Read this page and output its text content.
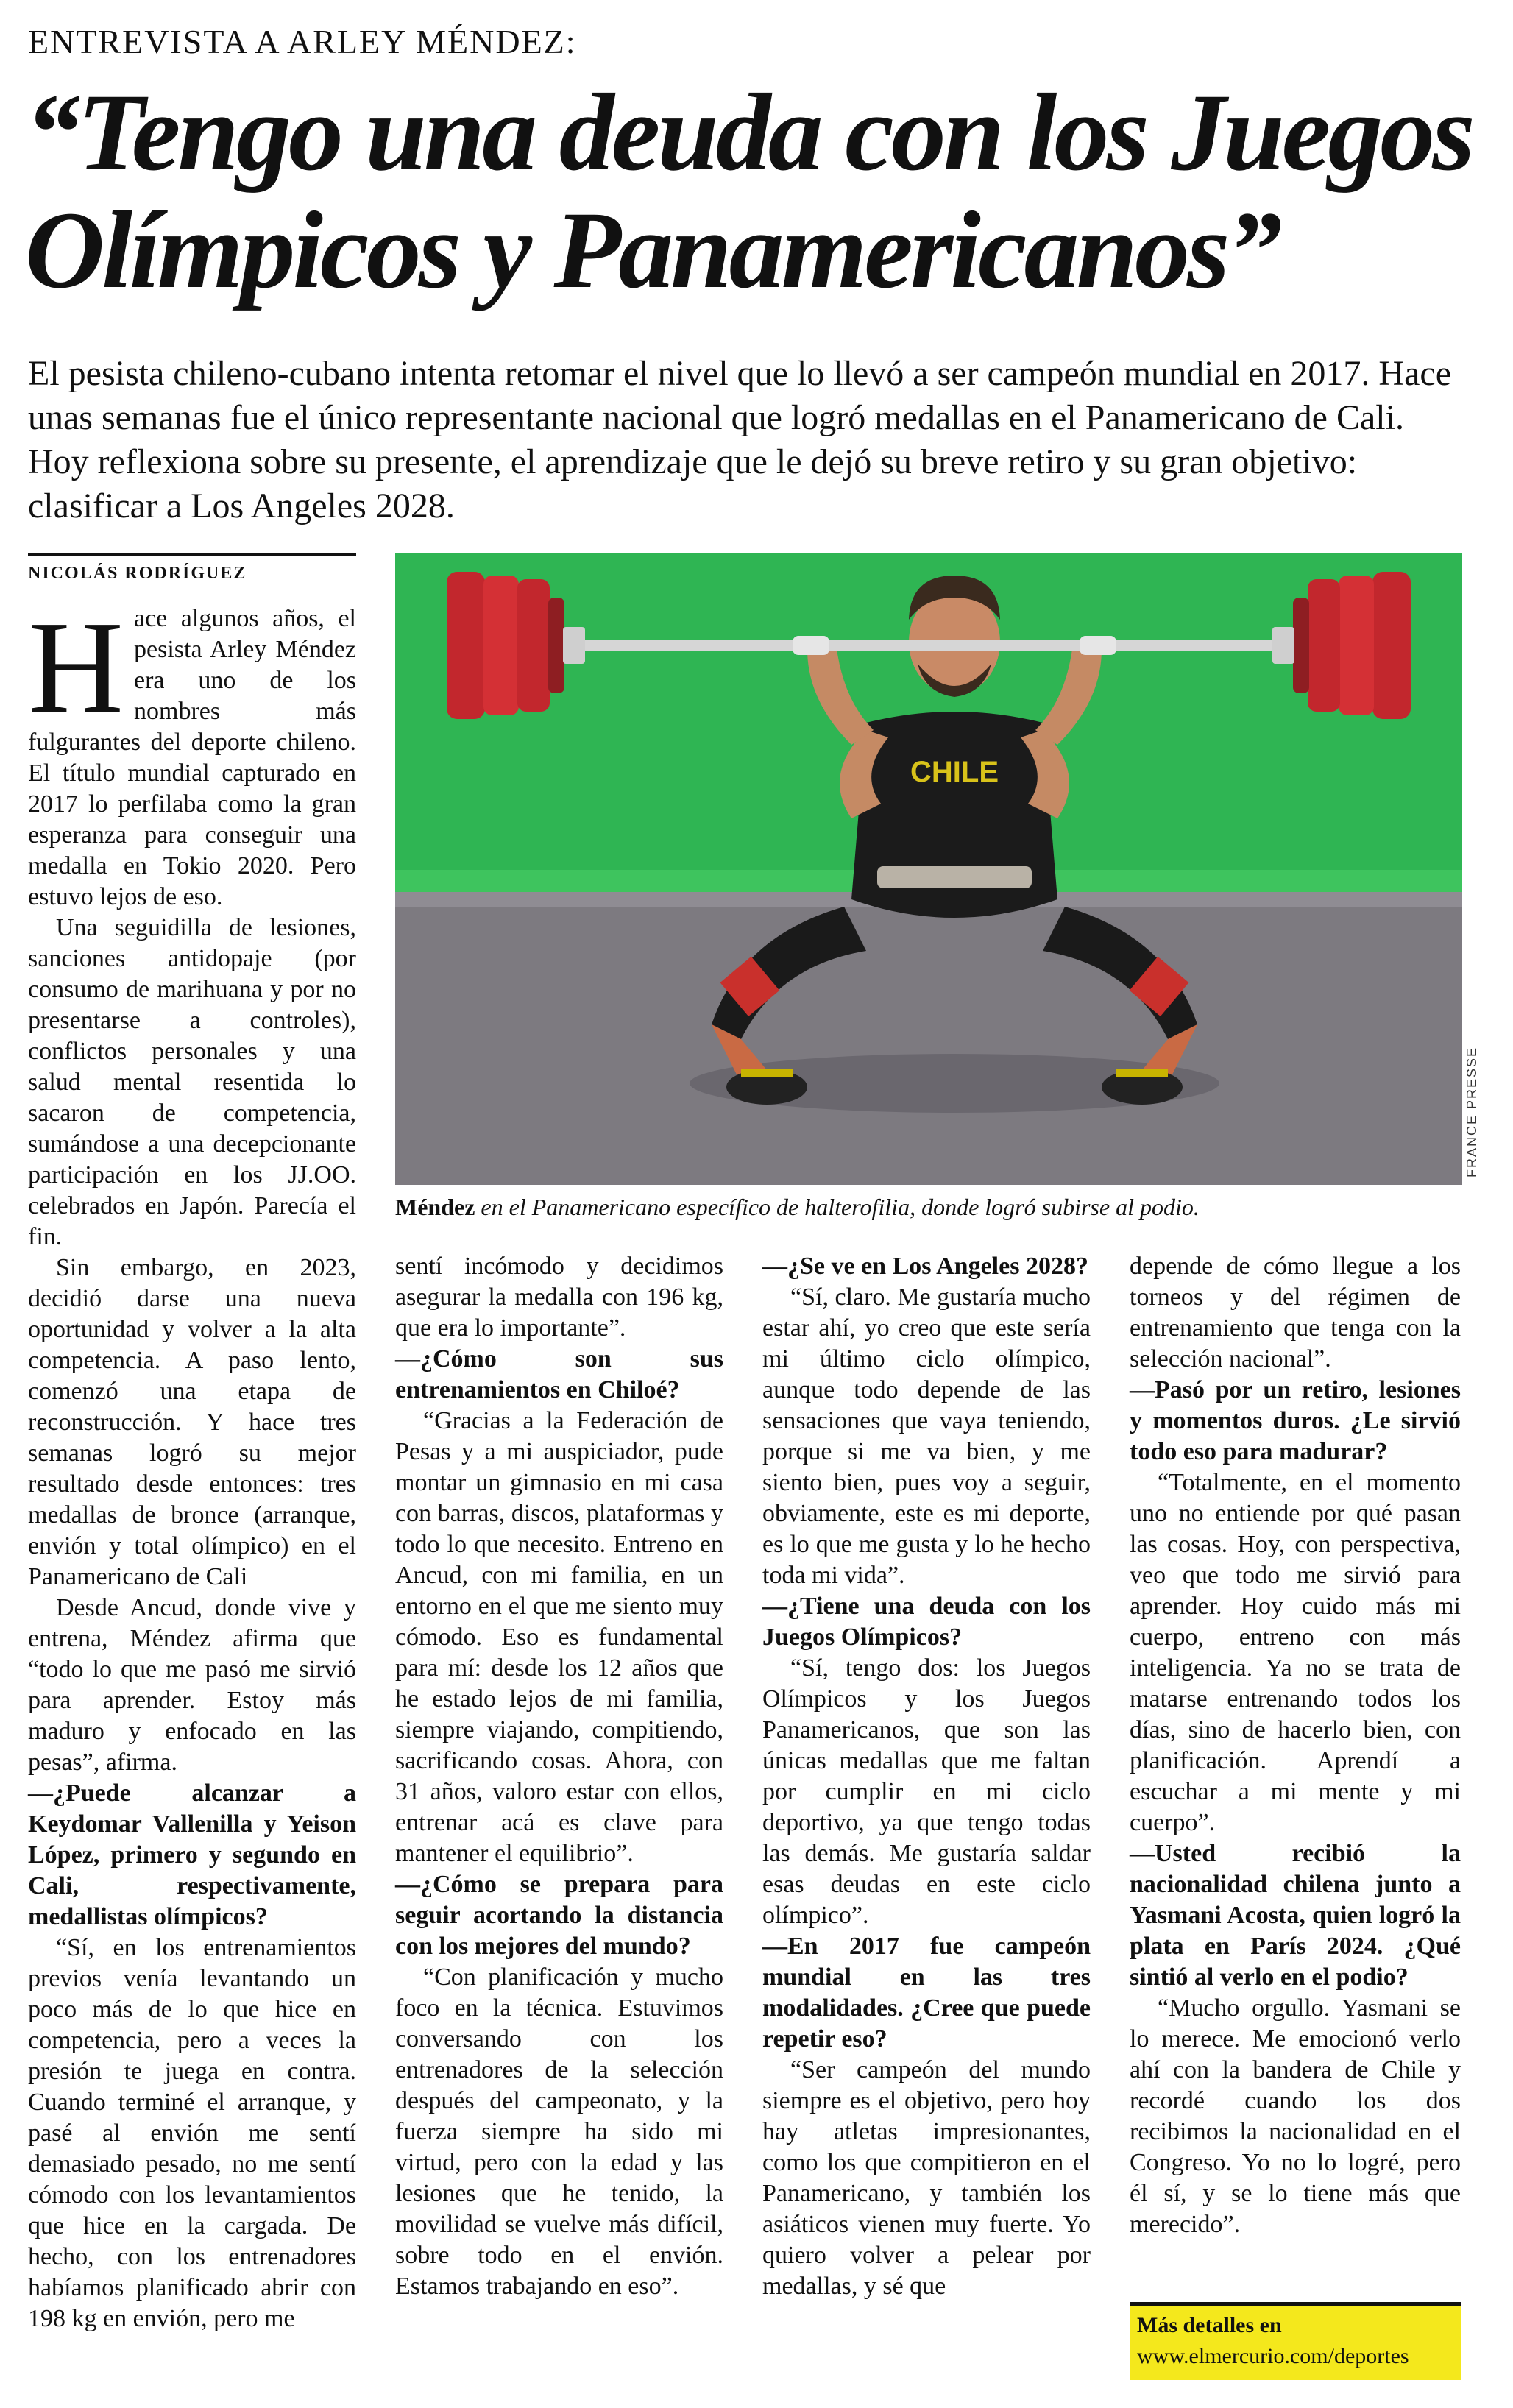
ENTREVISTA A ARLEY MÉNDEZ:
“Tengo una deuda con los Juegos Olímpicos y Panamericanos”
El pesista chileno-cubano intenta retomar el nivel que lo llevó a ser campeón mundial en 2017. Hace unas semanas fue el único representante nacional que logró medallas en el Panamericano de Cali. Hoy reflexiona sobre su presente, el aprendizaje que le dejó su breve retiro y su gran objetivo: clasificar a Los Angeles 2028.
NICOLÁS RODRÍGUEZ
CHILE
FRANCE PRESSE
Méndez en el Panamericano específico de halterofilia, donde logró subirse al podio.

Hace algunos años, el pesista Arley Méndez era uno de los nombres más fulgurantes del deporte chileno. El título mundial capturado en 2017 lo perfilaba como la gran esperanza para conseguir una medalla en Tokio 2020. Pero estuvo lejos de eso.

Una seguidilla de lesiones, sanciones antidopaje (por consumo de marihuana y por no presentarse a controles), conflictos personales y una salud mental resentida lo sacaron de competencia, sumándose a una decepcionante participación en los JJ.OO. celebrados en Japón. Parecía el fin.

Sin embargo, en 2023, decidió darse una nueva oportunidad y volver a la alta competencia. A paso lento, comenzó una etapa de reconstrucción. Y hace tres semanas logró su mejor resultado desde entonces: tres medallas de bronce (arranque, envión y total olímpico) en el Panamericano de Cali

Desde Ancud, donde vive y entrena, Méndez afirma que “todo lo que me pasó me sirvió para aprender. Estoy más maduro y enfocado en las pesas”, afirma.

—¿Puede alcanzar a Keydomar Vallenilla y Yeison López, primero y segundo en Cali, respectivamente, medallistas olímpicos?

“Sí, en los entrenamientos previos venía levantando un poco más de lo que hice en competencia, pero a veces la presión te juega en contra. Cuando terminé el arranque, y pasé al envión me sentí demasiado pesado, no me sentí cómodo con los levantamientos que hice en la cargada. De hecho, con los entrenadores habíamos planificado abrir con 198 kg en envión, pero me

sentí incómodo y decidimos asegurar la medalla con 196 kg, que era lo importante”.

—¿Cómo son sus entrenamientos en Chiloé?

“Gracias a la Federación de Pesas y a mi auspiciador, pude montar un gimnasio en mi casa con barras, discos, plataformas y todo lo que necesito. Entreno en Ancud, con mi familia, en un entorno en el que me siento muy cómodo. Eso es fundamental para mí: desde los 12 años que he estado lejos de mi familia, siempre viajando, compitiendo, sacrificando cosas. Ahora, con 31 años, valoro estar con ellos, entrenar acá es clave para mantener el equilibrio”.

—¿Cómo se prepara para seguir acortando la distancia con los mejores del mundo?

“Con planificación y mucho foco en la técnica. Estuvimos conversando con los entrenadores de la selección después del campeonato, y la fuerza siempre ha sido mi virtud, pero con la edad y las lesiones que he tenido, la movilidad se vuelve más difícil, sobre todo en el envión. Estamos trabajando en eso”.

—¿Se ve en Los Angeles 2028?

“Sí, claro. Me gustaría mucho estar ahí, yo creo que este sería mi último ciclo olímpico, aunque todo depende de las sensaciones que vaya teniendo, porque si me va bien, y me siento bien, pues voy a seguir, obviamente, este es mi deporte, es lo que me gusta y lo he hecho toda mi vida”.

—¿Tiene una deuda con los Juegos Olímpicos?

“Sí, tengo dos: los Juegos Olímpicos y los Juegos Panamericanos, que son las únicas medallas que me faltan por cumplir en mi ciclo deportivo, ya que tengo todas las demás. Me gustaría saldar esas deudas en este ciclo olímpico”.

—En 2017 fue campeón mundial en las tres modalidades. ¿Cree que puede repetir eso?

“Ser campeón del mundo siempre es el objetivo, pero hoy hay atletas impresionantes, como los que compitieron en el Panamericano, y también los asiáticos vienen muy fuerte. Yo quiero volver a pelear por medallas, y sé que

depende de cómo llegue a los torneos y del régimen de entrenamiento que tenga con la selección nacional”.

—Pasó por un retiro, lesiones y momentos duros. ¿Le sirvió todo eso para madurar?

“Totalmente, en el momento uno no entiende por qué pasan las cosas. Hoy, con perspectiva, veo que todo me sirvió para aprender. Hoy cuido más mi cuerpo, entreno con más inteligencia. Ya no se trata de matarse entrenando todos los días, sino de hacerlo bien, con planificación. Aprendí a escuchar a mi mente y mi cuerpo”.

—Usted recibió la nacionalidad chilena junto a Yasmani Acosta, quien logró la plata en París 2024. ¿Qué sintió al verlo en el podio?

“Mucho orgullo. Yasmani se lo merece. Me emocionó verlo ahí con la bandera de Chile y recordé cuando los dos recibimos la nacionalidad en el Congreso. Yo no lo logré, pero él sí, y se lo tiene más que merecido”.

Más detalles en
www.elmercurio.com/deportes
